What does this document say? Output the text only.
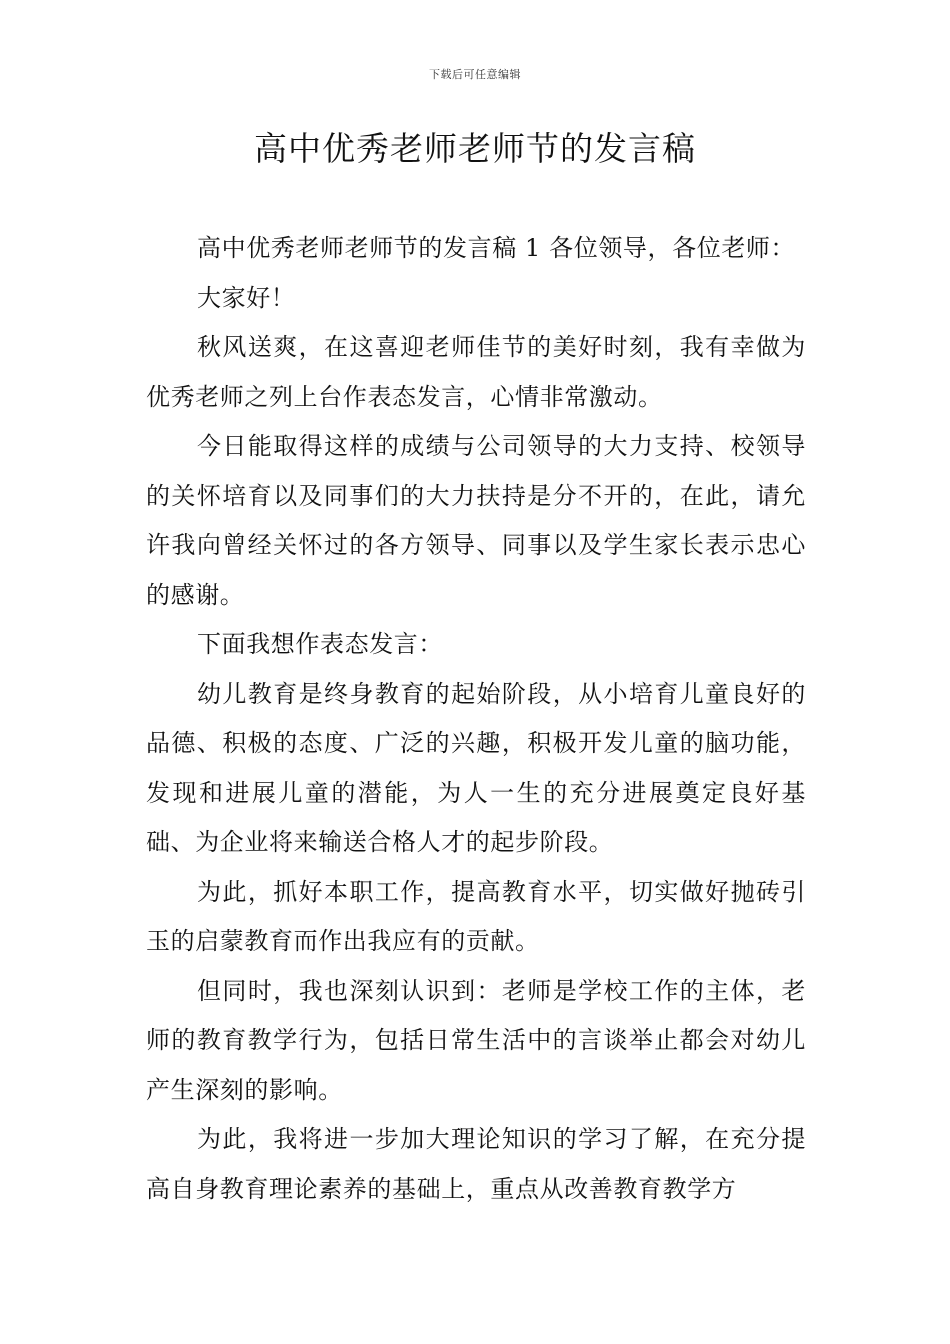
下载后可任意编辑
高中优秀老师老师节的发言稿

高中优秀老师老师节的发言稿 1 各位领导，各位老师：

大家好！

秋风送爽，在这喜迎老师佳节的美好时刻，我有幸做为优秀老师之列上台作表态发言，心情非常激动。

今日能取得这样的成绩与公司领导的大力支持、校领导的关怀培育以及同事们的大力扶持是分不开的，在此，请允许我向曾经关怀过的各方领导、同事以及学生家长表示忠心的感谢。

下面我想作表态发言：

幼儿教育是终身教育的起始阶段，从小培育儿童良好的品德、积极的态度、广泛的兴趣，积极开发儿童的脑功能，发现和进展儿童的潜能，为人一生的充分进展奠定良好基础、为企业将来输送合格人才的起步阶段。

为此，抓好本职工作，提高教育水平，切实做好抛砖引玉的启蒙教育而作出我应有的贡献。

但同时，我也深刻认识到：老师是学校工作的主体，老师的教育教学行为，包括日常生活中的言谈举止都会对幼儿产生深刻的影响。

为此，我将进一步加大理论知识的学习了解，在充分提高自身教育理论素养的基础上，重点从改善教育教学方
